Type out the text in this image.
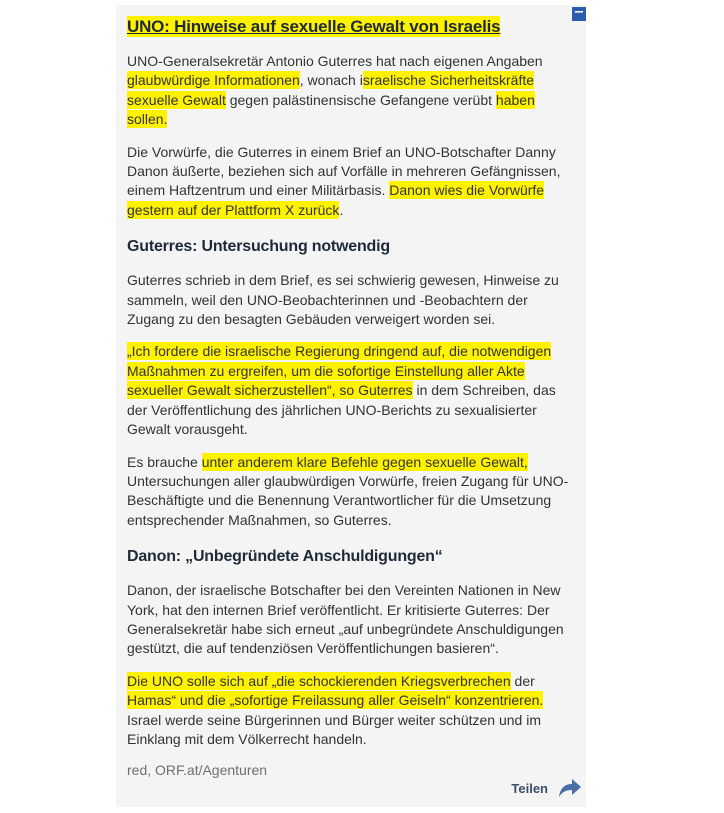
−
UNO: Hinweise auf sexuelle Gewalt von Israelis

UNO-Generalsekretär Antonio Guterres hat nach eigenen Angaben glaubwürdige Informationen, wonach israelische Sicherheitskräfte sexuelle Gewalt gegen palästinensische Gefangene verübt haben sollen.

Die Vorwürfe, die Guterres in einem Brief an UNO-Botschafter Danny Danon äußerte, beziehen sich auf Vorfälle in mehreren Gefängnissen, einem Haftzentrum und einer Militärbasis. Danon wies die Vorwürfe gestern auf der Plattform X zurück.

Guterres: Untersuchung notwendig

Guterres schrieb in dem Brief, es sei schwierig gewesen, Hinweise zu sammeln, weil den UNO-Beobachterinnen und -Beobachtern der Zugang zu den besagten Gebäuden verweigert worden sei.

„Ich fordere die israelische Regierung dringend auf, die notwendigen Maßnahmen zu ergreifen, um die sofortige Einstellung aller Akte sexueller Gewalt sicherzustellen“, so Guterres in dem Schreiben, das der Veröffentlichung des jährlichen UNO-Berichts zu sexualisierter Gewalt vorausgeht.

Es brauche unter anderem klare Befehle gegen sexuelle Gewalt, Untersuchungen aller glaubwürdigen Vorwürfe, freien Zugang für UNO-Beschäftigte und die Benennung Verantwortlicher für die Umsetzung entsprechender Maßnahmen, so Guterres.

Danon: „Unbegründete Anschuldigungen“

Danon, der israelische Botschafter bei den Vereinten Nationen in New York, hat den internen Brief veröffentlicht. Er kritisierte Guterres: Der Generalsekretär habe sich erneut „auf unbegründete Anschuldigungen gestützt, die auf tendenziösen Veröffentlichungen basieren“.

Die UNO solle sich auf „die schockierenden Kriegsverbrechen der Hamas“ und die „sofortige Freilassung aller Geiseln“ konzentrieren. Israel werde seine Bürgerinnen und Bürger weiter schützen und im Einklang mit dem Völkerrecht handeln.

red, ORF.at/Agenturen
Teilen
